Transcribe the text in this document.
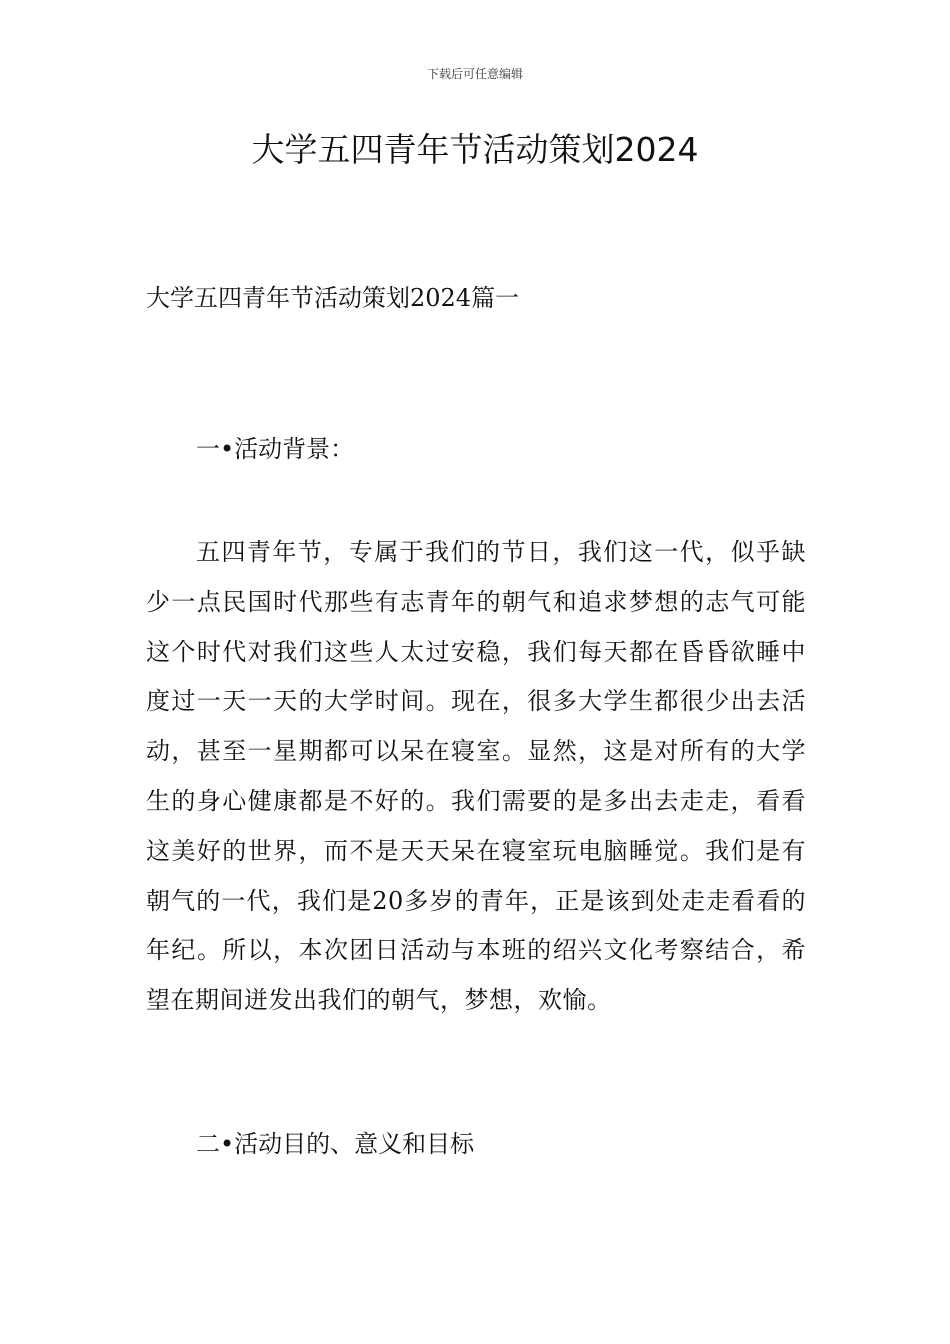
下载后可任意编辑
大学五四青年节活动策划2024
大学五四青年节活动策划2024篇一
一•活动背景：

五四青年节，专属于我们的节日，我们这一代，似乎缺少一点民国时代那些有志青年的朝气和追求梦想的志气可能这个时代对我们这些人太过安稳，我们每天都在昏昏欲睡中度过一天一天的大学时间。现在，很多大学生都很少出去活动，甚至一星期都可以呆在寝室。显然，这是对所有的大学生的身心健康都是不好的。我们需要的是多出去走走，看看这美好的世界，而不是天天呆在寝室玩电脑睡觉。我们是有朝气的一代，我们是20多岁的青年，正是该到处走走看看的年纪。所以，本次团日活动与本班的绍兴文化考察结合，希望在期间迸发出我们的朝气，梦想，欢愉。

二•活动目的、意义和目标
